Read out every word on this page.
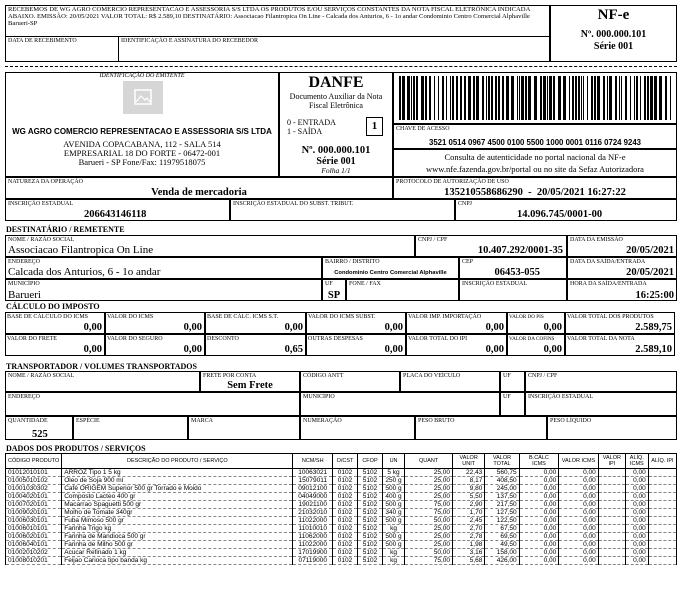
RECEBEMOS DE WG AGRO COMERCIO REPRESENTACAO E ASSESSORIA S/S LTDA OS PRODUTOS E/OU SERVIÇOS CONSTANTES DA NOTA FISCAL ELETRÔNICA INDICADA ABAIXO. EMISSÃO: 20/05/2021 VALOR TOTAL: R$ 2.589,10 DESTINATÁRIO: Associacao Filantropica On Line - Calcada dos Anturios, 6 - 1o andar Condominio Centro Comercial Alphaville Barueri-SP
DATA DE RECEBIMENTO	IDENTIFICAÇÃO E ASSINATURA DO RECEBEDOR
NF-e
Nº. 000.000.101
Série 001
IDENTIFICAÇÃO DO EMITENTE
WG AGRO COMERCIO REPRESENTACAO E ASSESSORIA S/S LTDA
AVENIDA COPACABANA, 112 - SALA 514
EMPRESARIAL 18 DO FORTE - 06472-001
Barueri - SP Fone/Fax: 11979518075
DANFE
Documento Auxiliar da Nota
Fiscal Eletrônica
0 - ENTRADA
1 - SAÍDA	1
Nº. 000.000.101
Série 001
Folha 1/1
CHAVE DE ACESSO
3521 0514 0967 4500 0100 5500 1000 0001 0116 0724 9243
Consulta de autenticidade no portal nacional da NF-e
www.nfe.fazenda.gov.br/portal ou no site da Sefaz Autorizadora
NATUREZA DA OPERAÇÃO
Venda de mercadoria
PROTOCOLO DE AUTORIZAÇÃO DE USO
135210558686290  -  20/05/2021 16:27:22
INSCRIÇÃO ESTADUAL
206643146118
INSCRIÇÃO ESTADUAL DO SUBST. TRIBUT.	CNPJ
14.096.745/0001-00
DESTINATÁRIO / REMETENTE
NOME / RAZÃO SOCIAL
Associacao Filantropica On Line
CNPJ / CPF
10.407.292/0001-35
DATA DA EMISSÃO
20/05/2021
ENDEREÇO
Calcada dos Anturios, 6 - 1o andar
BAIRRO / DISTRITO
Condominio Centro Comercial Alphaville
CEP
06453-055
DATA DA SAÍDA/ENTRADA
20/05/2021
MUNICÍPIO
Barueri
UF
SP
FONE / FAX	INSCRIÇÃO ESTADUAL	HORA DA SAÍDA/ENTRADA
16:25:00
CÁLCULO DO IMPOSTO
BASE DE CÁLCULO DO ICMS
0,00
VALOR DO ICMS
0,00
BASE DE CÁLC. ICMS S.T.
0,00
VALOR DO ICMS SUBST.
0,00
VALOR IMP. IMPORTAÇÃO
0,00
VALOR DO PIS
0,00
VALOR TOTAL DOS PRODUTOS
2.589,75
VALOR DO FRETE
0,00
VALOR DO SEGURO
0,00
DESCONTO
0,65
OUTRAS DESPESAS
0,00
VALOR TOTAL DO IPI
0,00
VALOR DA COFINS
0,00
VALOR TOTAL DA NOTA
2.589,10
TRANSPORTADOR / VOLUMES TRANSPORTADOS
NOME / RAZÃO SOCIAL	FRETE POR CONTA
Sem Frete
CÓDIGO ANTT	PLACA DO VEÍCULO	UF	CNPJ / CPF
ENDEREÇO	MUNICÍPIO	UF	INSCRIÇÃO ESTADUAL
QUANTIDADE
525
ESPÉCIE	MARCA	NUMERAÇÃO	PESO BRUTO	PESO LÍQUIDO
DADOS DOS PRODUTOS / SERVIÇOS
CÓDIGO PRODUTO	DESCRIÇÃO DO PRODUTO / SERVIÇO	NCM/SH	O/CST	CFOP	UN	QUANT	VALOR UNIT	VALOR TOTAL	B.CÁLC ICMS	VALOR ICMS	VALOR IPI	ALÍQ. ICMS	ALÍQ. IPI
01012010101	ARROZ Tipo 1 5 kg	10063021	0102	5102	5 kg	25,00	22,43	560,75	0,00	0,00		0,00	
01005010102	Oleo de Soja 900 ml	15079011	0102	5102	250 g	25,00	8,17	408,50	0,00	0,00		0,00	
01001030302	Café ORIGEM Superior 500 gr Torrado e Moido	09012100	0102	5102	500 g	25,00	9,80	245,00	0,00	0,00		0,00	
01004020101	Composto Lacteo 400 gr	04049000	0102	5102	400 g	25,00	5,50	137,50	0,00	0,00		0,00	
01007020101	Macarrao Spaguetti 500 gr	19021100	0102	5102	500 g	75,00	2,90	217,50	0,00	0,00		0,00	
01009020101	Molho de Tomate 340gr	21032010	0102	5102	340 g	75,00	1,70	127,50	0,00	0,00		0,00	
01006030101	Fuba Mimoso 500 gr	11022000	0102	5102	500 g	50,00	2,45	122,50	0,00	0,00		0,00	
01006010101	Farinha Trigo kg	11010010	0102	5102	kg	25,00	2,70	67,50	0,00	0,00		0,00	
01006020101	Farinha de Mandioca 500 gr	11062000	0102	5102	500 g	25,00	2,78	69,50	0,00	0,00		0,00	
01006040101	Farinha de Milho 500 gr	11022000	0102	5102	500 g	25,00	1,98	49,50	0,00	0,00		0,00	
01002010202	Acucar Refinado 1 kg	17019900	0102	5102	kg	50,00	3,16	158,00	0,00	0,00		0,00	
01008010201	Feijao Carioca tipo banda kg	07119000	0102	5102	kg	75,00	5,68	426,00	0,00	0,00		0,00	
